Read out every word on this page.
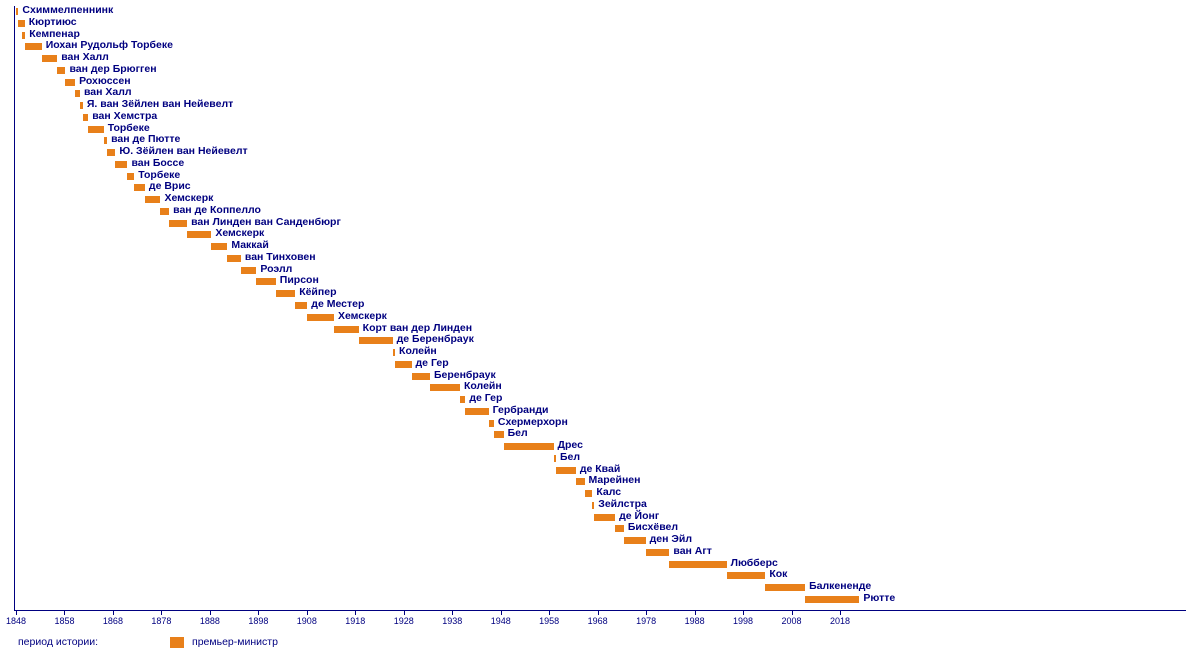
1848	1858	1868	1878	1888	1898	1908	1918	1928	1938	1948	1958	1968	1978	1988	1998	2008	2018
период истории:	премьер-министр
Схиммелпеннинк
Кюртиюс
Кемпенар
Иохан Рудольф Торбеке
ван Халл
ван дер Брюгген
Рохюссен
ван Халл
Я. ван Зёйлен ван Нейевелт
ван Хемстра
Торбеке
ван де Пютте
Ю. Зёйлен ван Нейевелт
ван Боссе
Торбеке
де Врис
Хемскерк
ван де Коппелло
ван Линден ван Санденбюрг
Хемскерк
Маккай
ван Тинховен
Роэлл
Пирсон
Кёйпер
де Местер
Хемскерк
Корт ван дер Линден
де Беренбраук
Колейн
де Гер
Беренбраук
Колейн
де Гер
Гербранди
Схермерхорн
Бел
Дрес
Бел
де Квай
Марейнен
Калс
Зейлстра
де Йонг
Бисхёвел
ден Эйл
ван Агт
Любберс
Кок
Балкененде
Рютте
